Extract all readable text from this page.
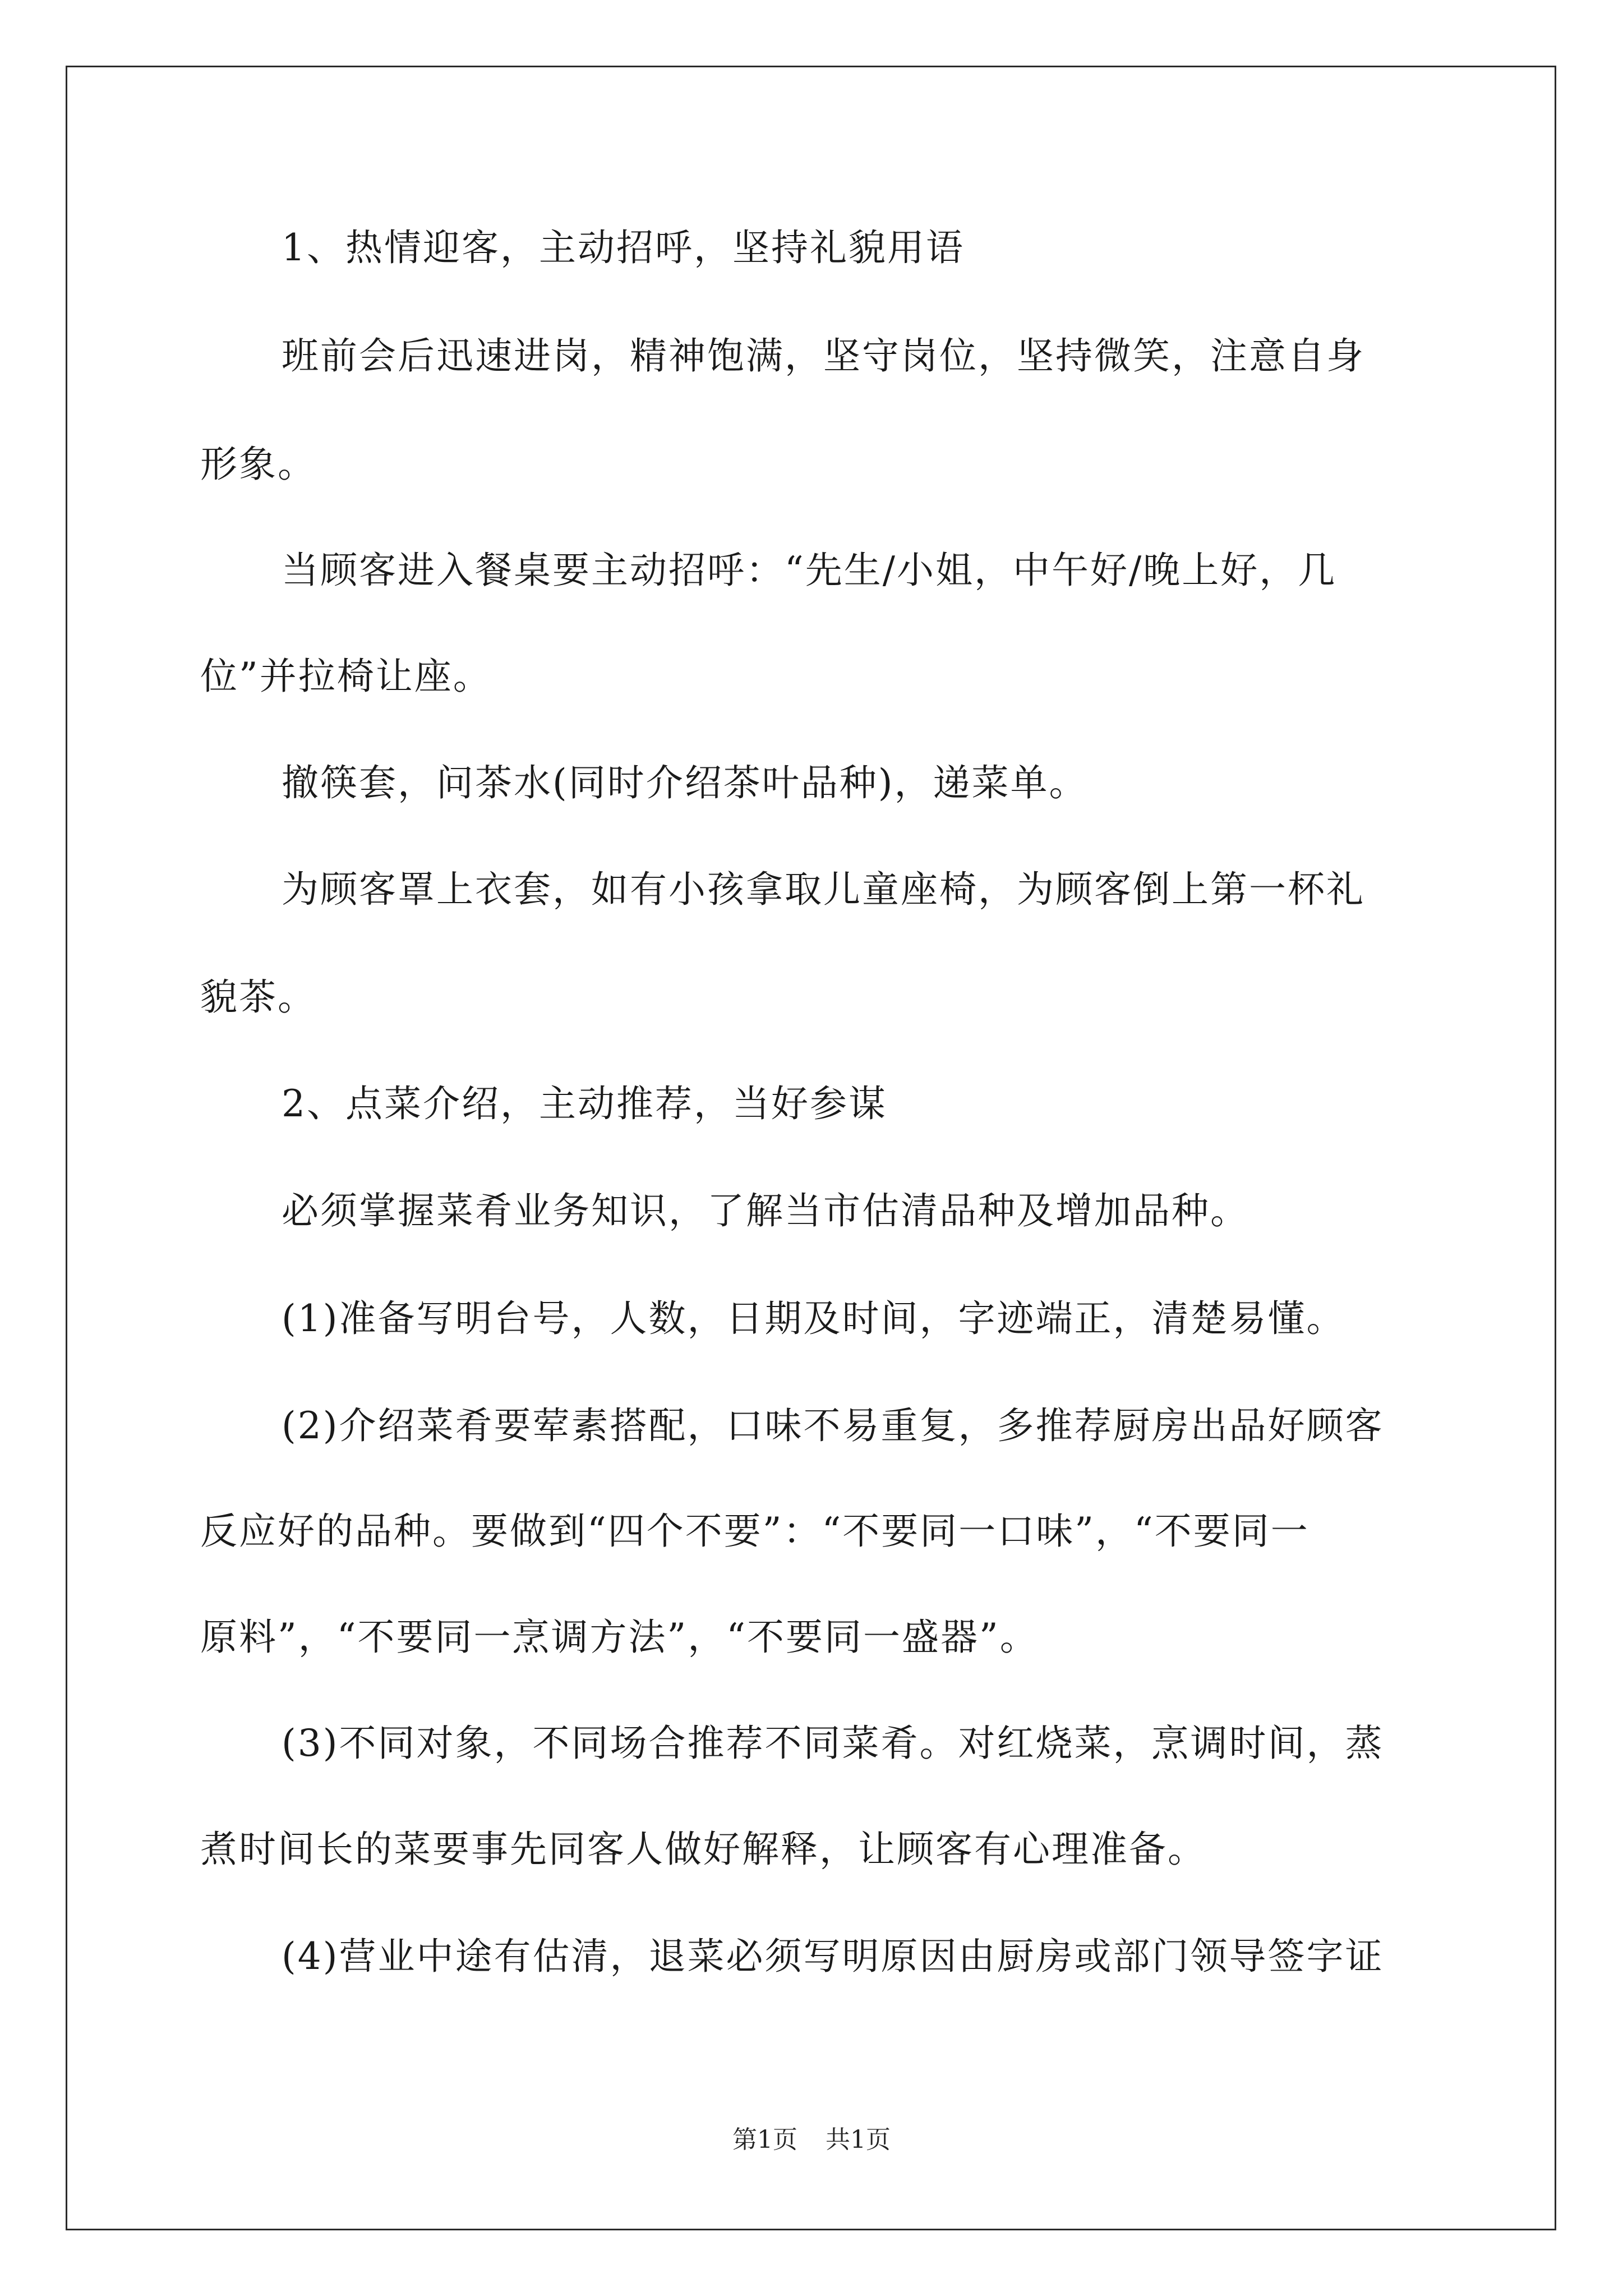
1、热情迎客，主动招呼，坚持礼貌用语
班前会后迅速进岗，精神饱满，坚守岗位，坚持微笑，注意自身
形象。
当顾客进入餐桌要主动招呼：“先生/小姐，中午好/晚上好，几
位”并拉椅让座。
撤筷套，问茶水(同时介绍茶叶品种)，递菜单。
为顾客罩上衣套，如有小孩拿取儿童座椅，为顾客倒上第一杯礼
貌茶。
2、点菜介绍，主动推荐，当好参谋
必须掌握菜肴业务知识，了解当市估清品种及增加品种。
(1)准备写明台号，人数，日期及时间，字迹端正，清楚易懂。
(2)介绍菜肴要荤素搭配，口味不易重复，多推荐厨房出品好顾客
反应好的品种。要做到“四个不要”：“不要同一口味”，“不要同一
原料”，“不要同一烹调方法”，“不要同一盛器”。
(3)不同对象，不同场合推荐不同菜肴。对红烧菜，烹调时间，蒸
煮时间长的菜要事先同客人做好解释，让顾客有心理准备。
(4)营业中途有估清，退菜必须写明原因由厨房或部门领导签字证
第1页 共1页
